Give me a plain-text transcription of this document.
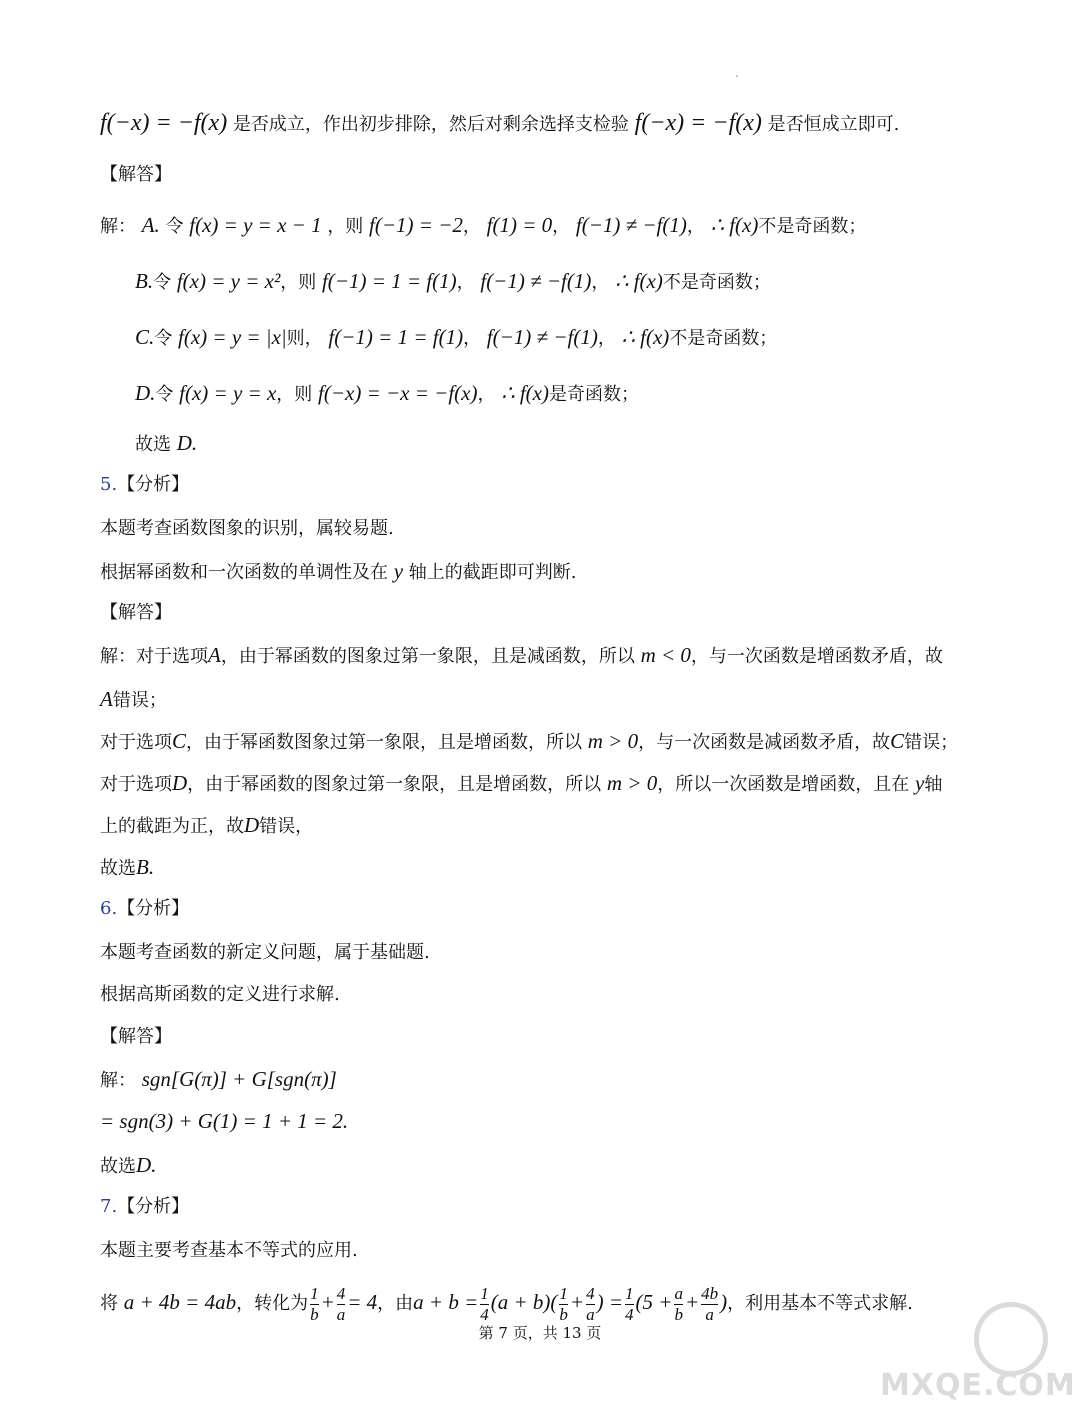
.
f(−x) = −f(x) 是否成立，作出初步排除，然后对剩余选择支检验 f(−x) = −f(x) 是否恒成立即可.
【解答】
解： A. 令 f(x) = y = x − 1 ，则 f(−1) = −2， f(1) = 0， f(−1) ≠ −f(1)， ∴ f(x)不是奇函数；
B.令 f(x) = y = x²，则 f(−1) = 1 = f(1)， f(−1) ≠ −f(1)， ∴ f(x)不是奇函数；
C.令 f(x) = y = |x|则， f(−1) = 1 = f(1)， f(−1) ≠ −f(1)， ∴ f(x)不是奇函数；
D.令 f(x) = y = x，则 f(−x) = −x = −f(x)， ∴ f(x)是奇函数；
故选 D.
5.【分析】
本题考查函数图象的识别，属较易题.
根据幂函数和一次函数的单调性及在 y 轴上的截距即可判断.
【解答】
解：对于选项A，由于幂函数的图象过第一象限，且是减函数，所以 m < 0，与一次函数是增函数矛盾，故
A错误；
对于选项C，由于幂函数图象过第一象限，且是增函数，所以 m > 0，与一次函数是减函数矛盾，故C错误；
对于选项D，由于幂函数的图象过第一象限，且是增函数，所以 m > 0，所以一次函数是增函数，且在 y轴
上的截距为正，故D错误，
故选B.
6.【分析】
本题考查函数的新定义问题，属于基础题.
根据高斯函数的定义进行求解.
【解答】
解： sgn[G(π)] + G[sgn(π)]
= sgn(3) + G(1) = 1 + 1 = 2.
故选D.
7.【分析】
本题主要考查基本不等式的应用.
将 a + 4b = 4ab，转化为 $\frac{1}{b} + \frac{4}{a} = 4$，由$a + b = \frac{1}{4} (a + b)( \frac{1}{b} + \frac{4}{a}$ ) = $\frac{1}{4} (5 + \frac{a}{b} + \frac{4b}{a}$ )，利用基本不等式求解.
第 7 页，共 13 页
MXQE.COM
